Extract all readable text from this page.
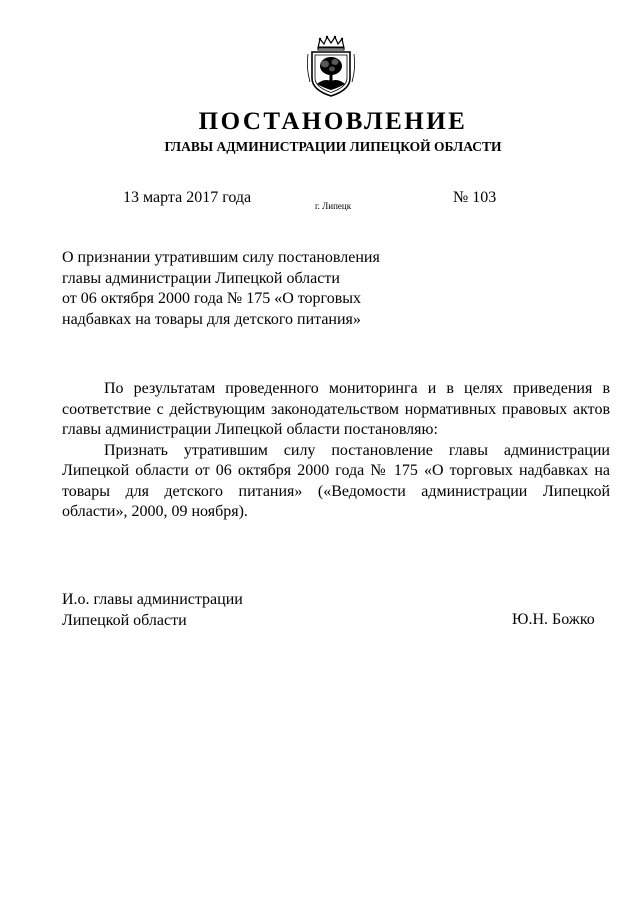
ПОСТАНОВЛЕНИЕ
ГЛАВЫ АДМИНИСТРАЦИИ ЛИПЕЦКОЙ ОБЛАСТИ
13 марта 2017 года	г. Липецк	№ 103
О признании утратившим силу постановления
главы администрации Липецкой области
от 06 октября 2000 года № 175 «О торговых
надбавках на товары для детского питания»

По результатам проведенного мониторинга и в целях приведения в соответствие с действующим законодательством нормативных правовых актов главы администрации Липецкой области постановляю:

Признать утратившим силу постановление главы администрации Липецкой области от 06 октября 2000 года № 175 «О торговых надбавках на товары для детского питания» («Ведомости администрации Липецкой области», 2000, 09 ноября).

И.о. главы администрации
Липецкой области	Ю.Н. Божко
